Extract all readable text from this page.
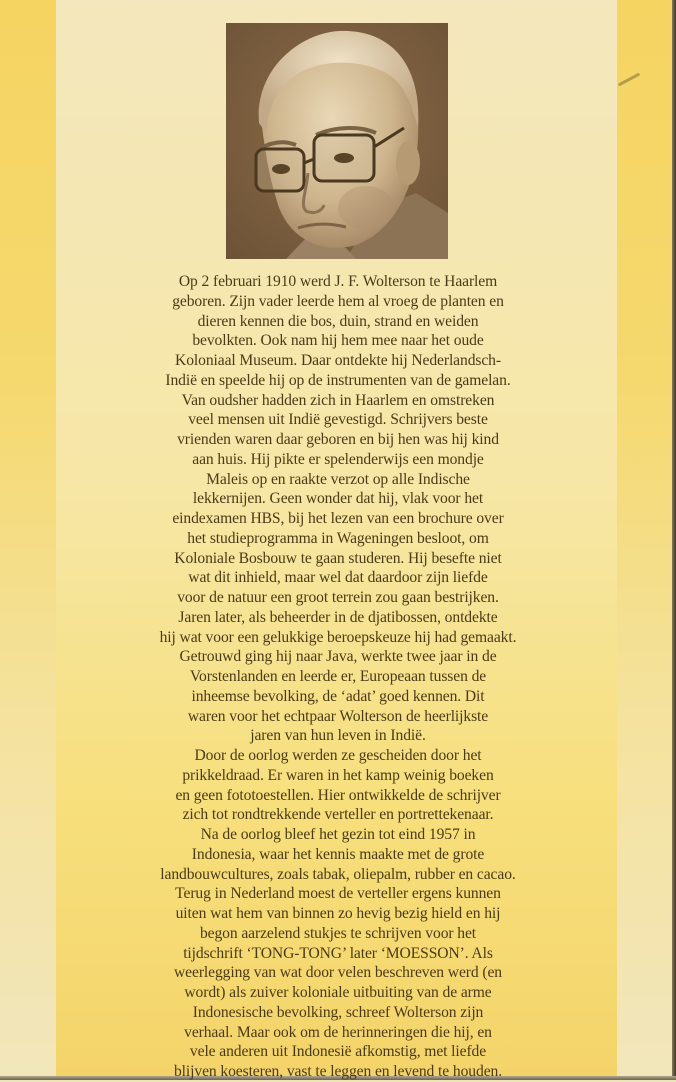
Op 2 februari 1910 werd J. F. Wolterson te Haarlem
geboren. Zijn vader leerde hem al vroeg de planten en
dieren kennen die bos, duin, strand en weiden
bevolkten. Ook nam hij hem mee naar het oude
Koloniaal Museum. Daar ontdekte hij Nederlandsch-
Indië en speelde hij op de instrumenten van de gamelan.
Van oudsher hadden zich in Haarlem en omstreken
veel mensen uit Indië gevestigd. Schrijvers beste
vrienden waren daar geboren en bij hen was hij kind
aan huis. Hij pikte er spelenderwijs een mondje
Maleis op en raakte verzot op alle Indische
lekkernijen. Geen wonder dat hij, vlak voor het
eindexamen HBS, bij het lezen van een brochure over
het studieprogramma in Wageningen besloot, om
Koloniale Bosbouw te gaan studeren. Hij besefte niet
wat dit inhield, maar wel dat daardoor zijn liefde
voor de natuur een groot terrein zou gaan bestrijken.
Jaren later, als beheerder in de djatibossen, ontdekte
hij wat voor een gelukkige beroepskeuze hij had gemaakt.
Getrouwd ging hij naar Java, werkte twee jaar in de
Vorstenlanden en leerde er, Europeaan tussen de
inheemse bevolking, de ‘adat’ goed kennen. Dit
waren voor het echtpaar Wolterson de heerlijkste
jaren van hun leven in Indië.
Door de oorlog werden ze gescheiden door het
prikkeldraad. Er waren in het kamp weinig boeken
en geen fototoestellen. Hier ontwikkelde de schrijver
zich tot rondtrekkende verteller en portrettekenaar.
Na de oorlog bleef het gezin tot eind 1957 in
Indonesia, waar het kennis maakte met de grote
landbouwcultures, zoals tabak, oliepalm, rubber en cacao.
Terug in Nederland moest de verteller ergens kunnen
uiten wat hem van binnen zo hevig bezig hield en hij
begon aarzelend stukjes te schrijven voor het
tijdschrift ‘TONG-TONG’ later ‘MOESSON’. Als
weerlegging van wat door velen beschreven werd (en
wordt) als zuiver koloniale uitbuiting van de arme
Indonesische bevolking, schreef Wolterson zijn
verhaal. Maar ook om de herinneringen die hij, en
vele anderen uit Indonesië afkomstig, met liefde
blijven koesteren, vast te leggen en levend te houden.
